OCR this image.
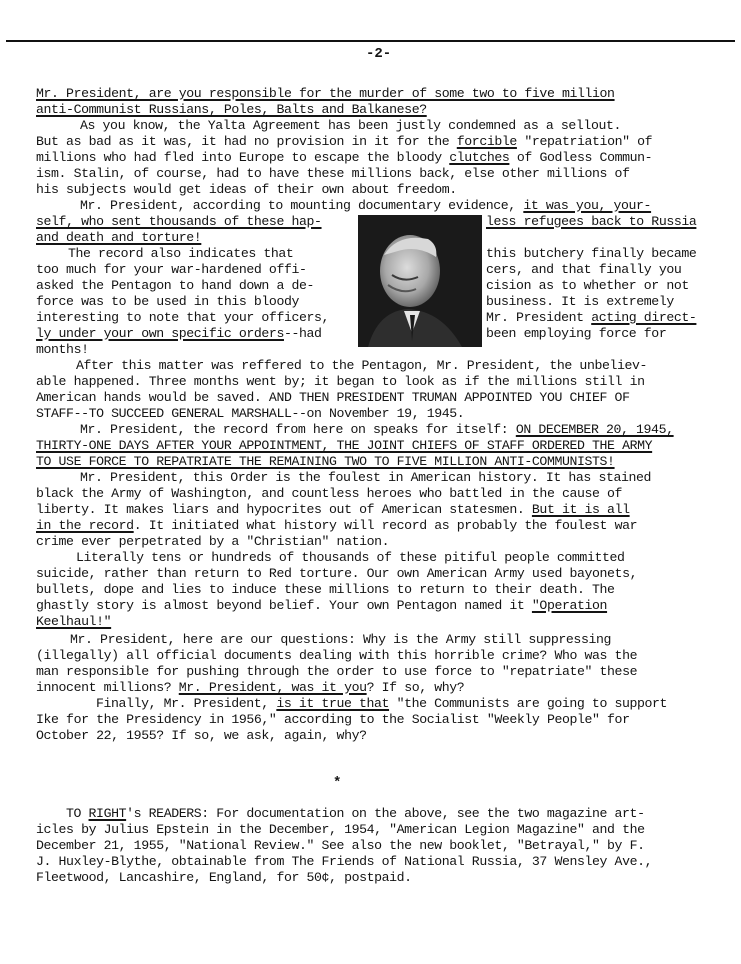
-2-
Mr. President, are you responsible for the murder of some two to five million
anti-Communist Russians, Poles, Balts and Balkanese?
As you know, the Yalta Agreement has been justly condemned as a sellout.
But as bad as it was, it had no provision in it for the forcible "repatriation" of
millions who had fled into Europe to escape the bloody clutches of Godless Commun-
ism. Stalin, of course, had to have these millions back, else other millions of
his subjects would get ideas of their own about freedom.
Mr. President, according to mounting documentary evidence, it was you, your-
self, who sent thousands of these hap-	less refugees back to Russia
and death and torture!
The record also indicates that	this butchery finally became
too much for your war-hardened offi-	cers, and that finally you
asked the Pentagon to hand down a de-	cision as to whether or not
force was to be used in this bloody	business. It is extremely
interesting to note that your officers,	Mr. President acting direct-
ly under your own specific orders--had	been employing force for
months!
After this matter was reffered to the Pentagon, Mr. President, the unbeliev-
able happened. Three months went by; it began to look as if the millions still in
American hands would be saved. AND THEN PRESIDENT TRUMAN APPOINTED YOU CHIEF OF
STAFF--TO SUCCEED GENERAL MARSHALL--on November 19, 1945.
Mr. President, the record from here on speaks for itself: ON DECEMBER 20, 1945,
THIRTY-ONE DAYS AFTER YOUR APPOINTMENT, THE JOINT CHIEFS OF STAFF ORDERED THE ARMY
TO USE FORCE TO REPATRIATE THE REMAINING TWO TO FIVE MILLION ANTI-COMMUNISTS!
Mr. President, this Order is the foulest in American history. It has stained
black the Army of Washington, and countless heroes who battled in the cause of
liberty. It makes liars and hypocrites out of American statesmen. But it is all
in the record. It initiated what history will record as probably the foulest war
crime ever perpetrated by a "Christian" nation.
Literally tens or hundreds of thousands of these pitiful people committed
suicide, rather than return to Red torture. Our own American Army used bayonets,
bullets, dope and lies to induce these millions to return to their death. The
ghastly story is almost beyond belief. Your own Pentagon named it "Operation
Keelhaul!"
Mr. President, here are our questions: Why is the Army still suppressing
(illegally) all official documents dealing with this horrible crime? Who was the
man responsible for pushing through the order to use force to "repatriate" these
innocent millions? Mr. President, was it you? If so, why?
Finally, Mr. President, is it true that "the Communists are going to support
Ike for the Presidency in 1956," according to the Socialist "Weekly People" for
October 22, 1955? If so, we ask, again, why?
TO RIGHT's READERS: For documentation on the above, see the two magazine art-
icles by Julius Epstein in the December, 1954, "American Legion Magazine" and the
December 21, 1955, "National Review." See also the new booklet, "Betrayal," by F.
J. Huxley-Blythe, obtainable from The Friends of National Russia, 37 Wensley Ave.,
Fleetwood, Lancashire, England, for 50¢, postpaid.
*
